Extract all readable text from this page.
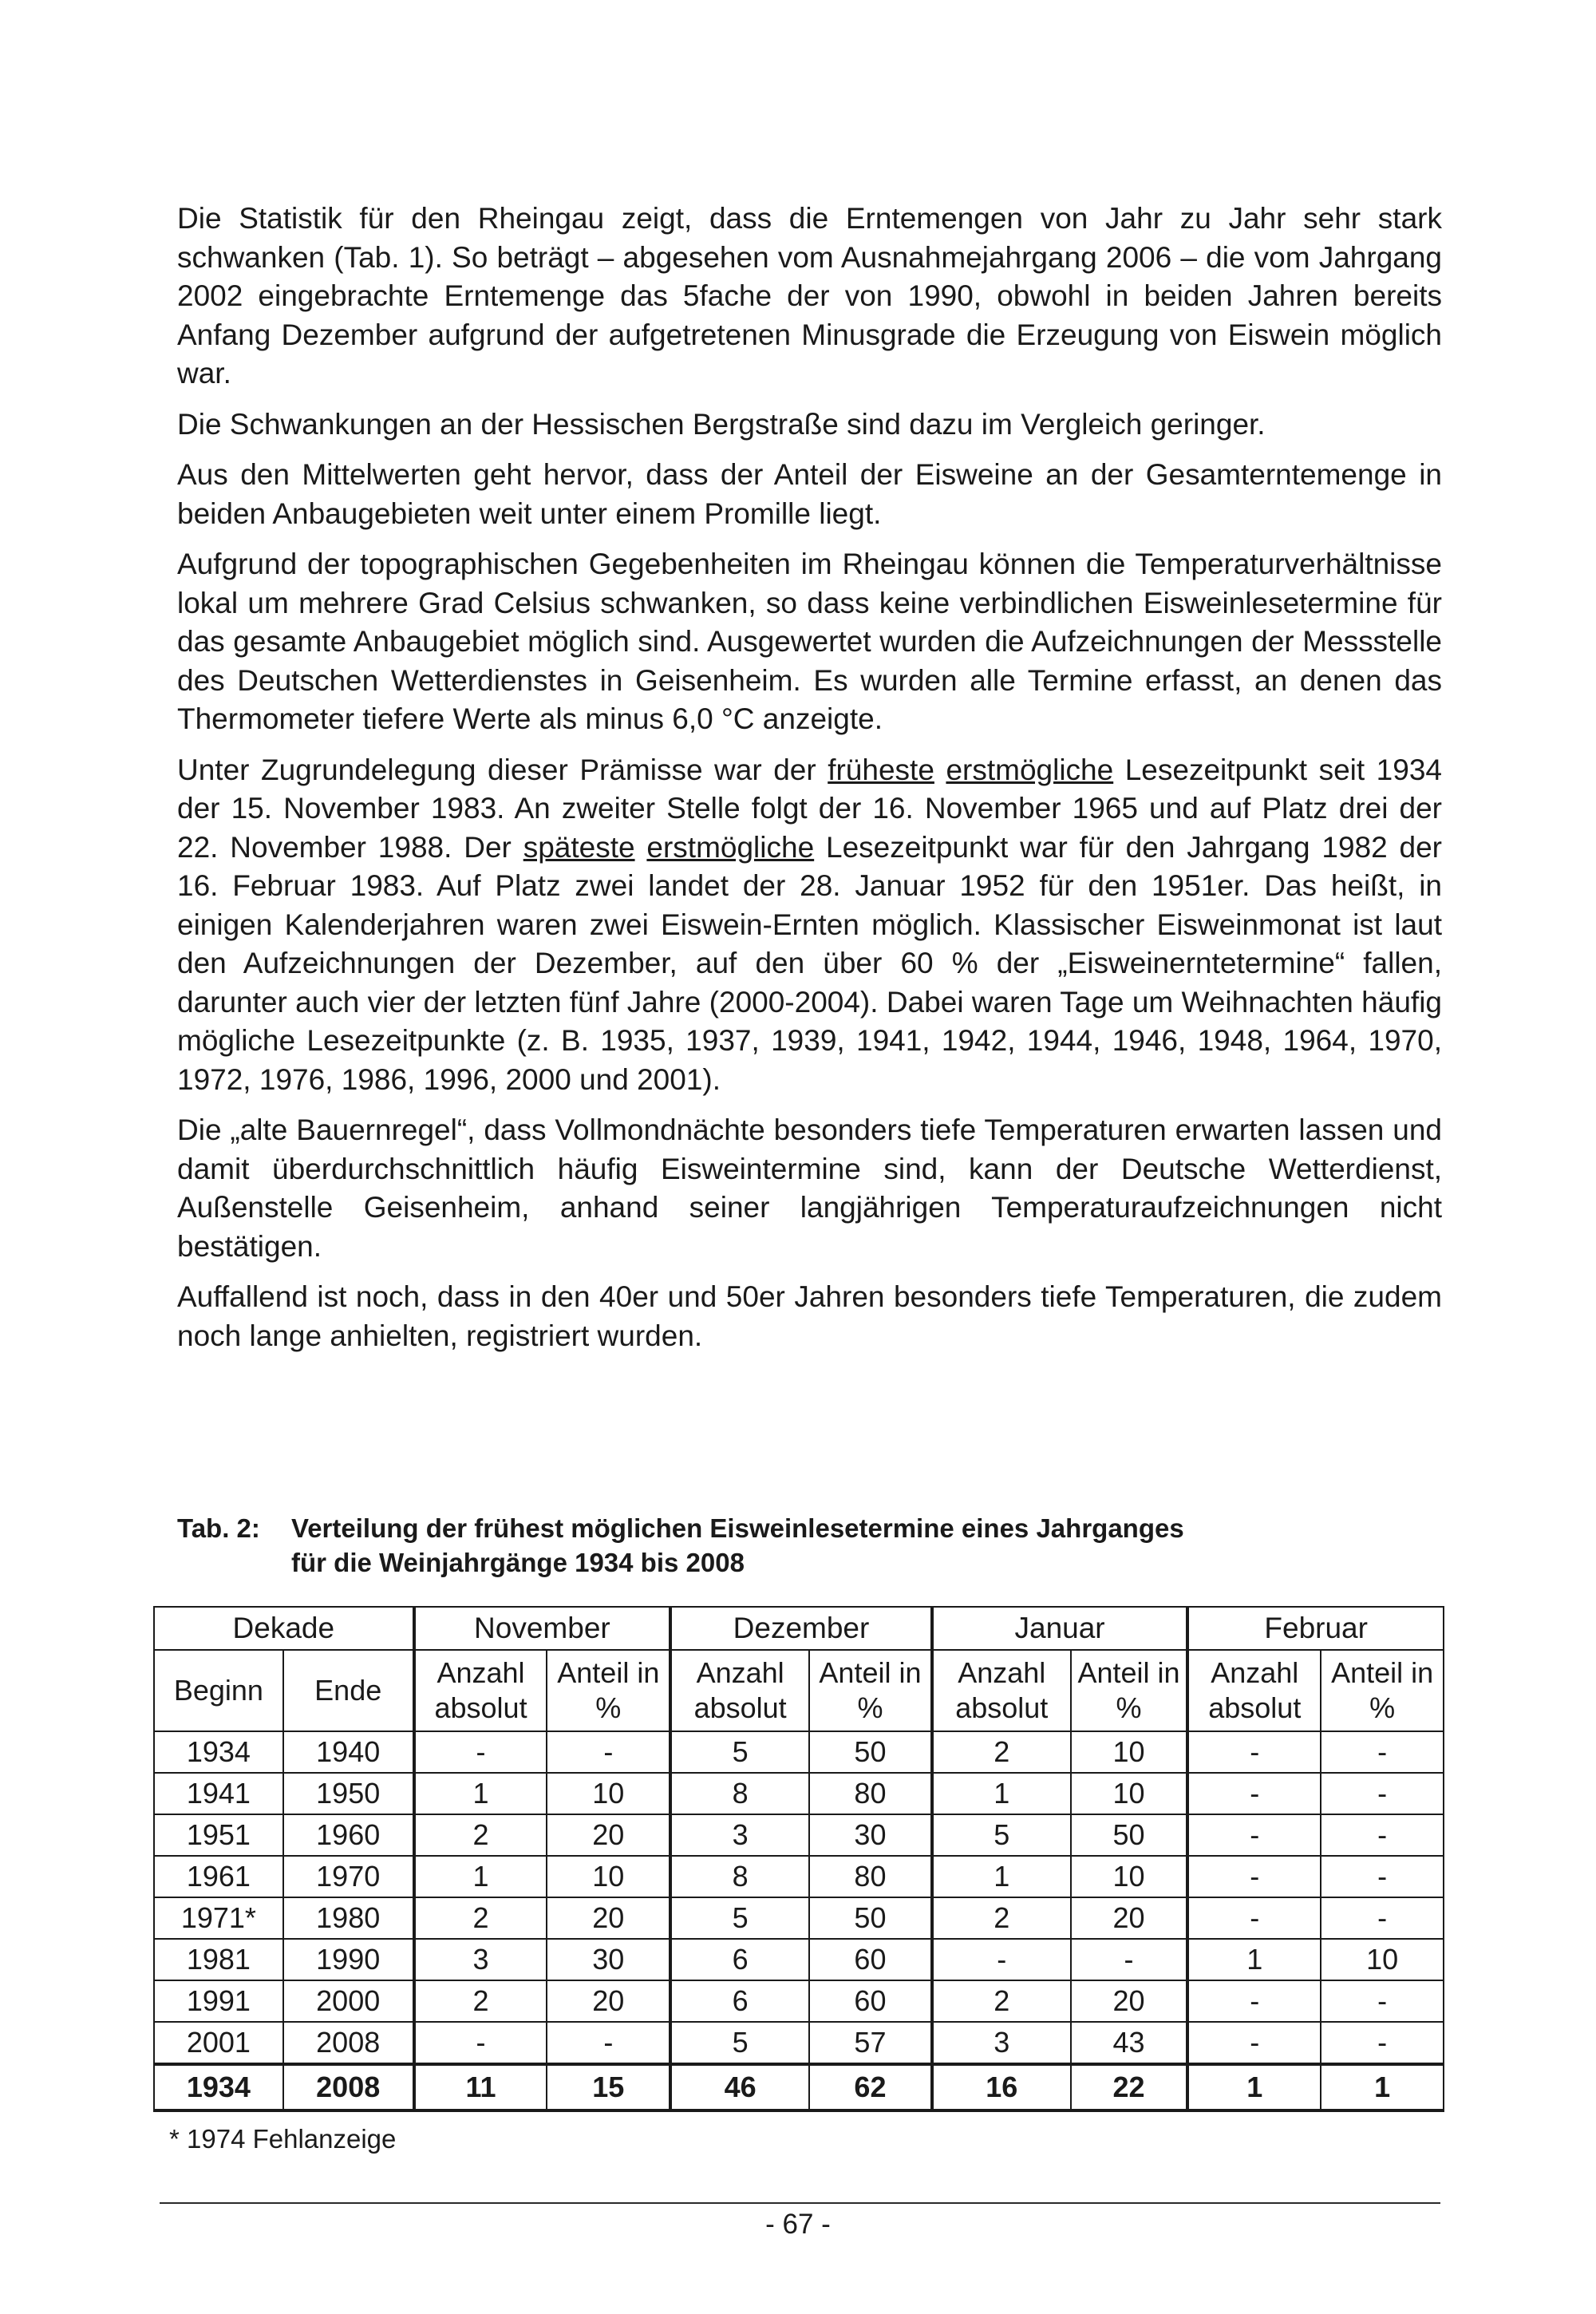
Die Statistik für den Rheingau zeigt, dass die Erntemengen von Jahr zu Jahr sehr stark schwanken (Tab. 1). So beträgt – abgesehen vom Ausnahmejahrgang 2006 – die vom Jahrgang 2002 eingebrachte Erntemenge das 5fache der von 1990, obwohl in beiden Jahren bereits Anfang Dezember aufgrund der aufgetretenen Minusgrade die Erzeugung von Eiswein möglich war.

Die Schwankungen an der Hessischen Bergstraße sind dazu im Vergleich geringer.

Aus den Mittelwerten geht hervor, dass der Anteil der Eisweine an der Gesamterntemenge in beiden Anbaugebieten weit unter einem Promille liegt.

Aufgrund der topographischen Gegebenheiten im Rheingau können die Temperaturverhältnisse lokal um mehrere Grad Celsius schwanken, so dass keine verbindlichen Eisweinlesetermine für das gesamte Anbaugebiet möglich sind. Ausgewertet wurden die Aufzeichnungen der Messstelle des Deutschen Wetterdienstes in Geisenheim. Es wurden alle Termine erfasst, an denen das Thermometer tiefere Werte als minus 6,0 °C anzeigte.

Unter Zugrundelegung dieser Prämisse war der früheste erstmögliche Lesezeitpunkt seit 1934 der 15. November 1983. An zweiter Stelle folgt der 16. November 1965 und auf Platz drei der 22. November 1988. Der späteste erstmögliche Lesezeitpunkt war für den Jahrgang 1982 der 16. Februar 1983. Auf Platz zwei landet der 28. Januar 1952 für den 1951er. Das heißt, in einigen Kalenderjahren waren zwei Eiswein-Ernten möglich. Klassischer Eisweinmonat ist laut den Aufzeichnungen der Dezember, auf den über 60 % der „Eisweinerntetermine“ fallen, darunter auch vier der letzten fünf Jahre (2000-2004). Dabei waren Tage um Weihnachten häufig mögliche Lesezeitpunkte (z. B. 1935, 1937, 1939, 1941, 1942, 1944, 1946, 1948, 1964, 1970, 1972, 1976, 1986, 1996, 2000 und 2001).

Die „alte Bauernregel“, dass Vollmondnächte besonders tiefe Temperaturen erwarten lassen und damit überdurchschnittlich häufig Eisweintermine sind, kann der Deutsche Wetterdienst, Außenstelle Geisenheim, anhand seiner langjährigen Temperaturaufzeichnungen nicht bestätigen.

Auffallend ist noch, dass in den 40er und 50er Jahren besonders tiefe Temperaturen, die zudem noch lange anhielten, registriert wurden.

Tab. 2:	Verteilung der frühest möglichen Eisweinlesetermine eines Jahrganges
für die Weinjahrgänge 1934 bis 2008
Dekade		November		Dezember		Januar		Februar	
Beginn	Ende	Anzahl absolut	Anteil in %	Anzahl absolut	Anteil in %	Anzahl absolut	Anteil in %	Anzahl absolut	Anteil in %
1934	1940	-	-	5	50	2	10	-	-
1941	1950	1	10	8	80	1	10	-	-
1951	1960	2	20	3	30	5	50	-	-
1961	1970	1	10	8	80	1	10	-	-
1971*	1980	2	20	5	50	2	20	-	-
1981	1990	3	30	6	60	-	-	1	10
1991	2000	2	20	6	60	2	20	-	-
2001	2008	-	-	5	57	3	43	-	-
1934	2008	11	15	46	62	16	22	1	1
* 1974 Fehlanzeige
- 67 -
